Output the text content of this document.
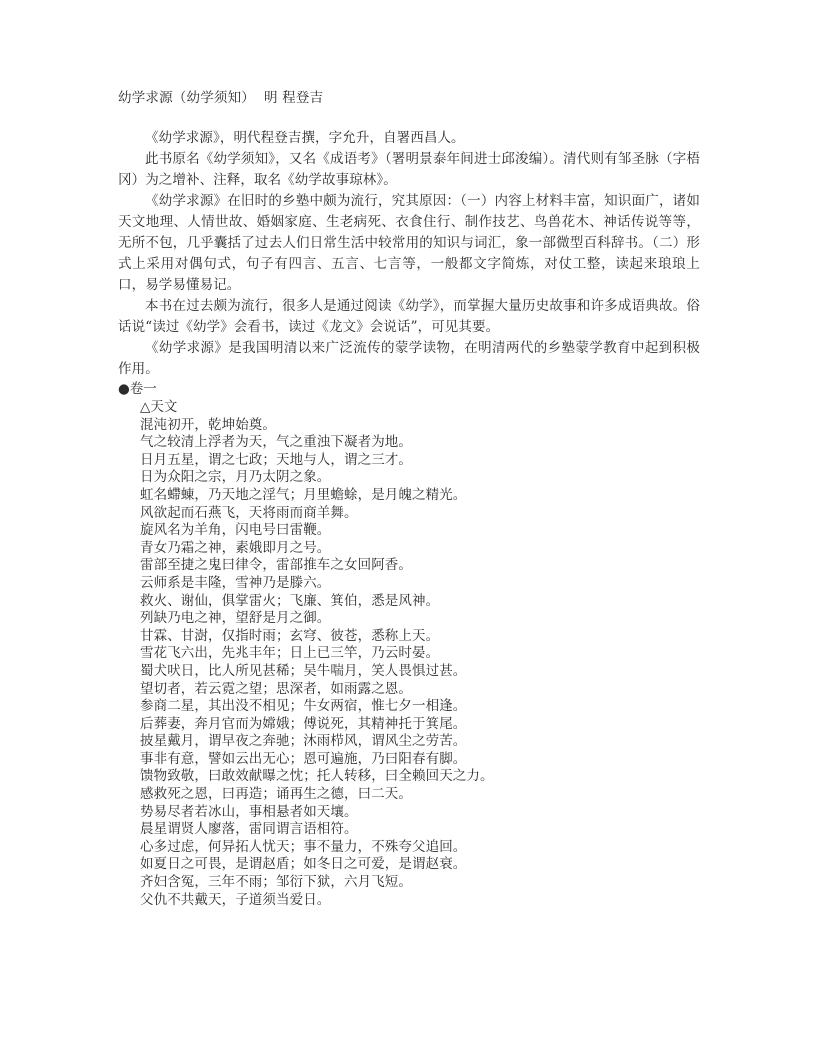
幼学求源（幼学须知）  明 程登吉

《幼学求源》，明代程登吉撰，字允升，自署西昌人。

此书原名《幼学须知》，又名《成语考》（署明景泰年间进士邱浚编）。清代则有邹圣脉（字梧冈）为之增补、注释，取名《幼学故事琼林》。

《幼学求源》在旧时的乡塾中颇为流行，究其原因：（一）内容上材料丰富，知识面广，诸如天文地理、人情世故、婚姻家庭、生老病死、衣食住行、制作技艺、鸟兽花木、神话传说等等，无所不包，几乎囊括了过去人们日常生活中较常用的知识与词汇，象一部微型百科辞书。（二）形式上采用对偶句式，句子有四言、五言、七言等，一般都文字简炼，对仗工整，读起来琅琅上口，易学易懂易记。

本书在过去颇为流行，很多人是通过阅读《幼学》，而掌握大量历史故事和许多成语典故。俗话说“读过《幼学》会看书，读过《龙文》会说话”，可见其要。

《幼学求源》是我国明清以来广泛流传的蒙学读物，在明清两代的乡塾蒙学教育中起到积极作用。

●卷一
△天文
混沌初开，乾坤始奠。
气之较清上浮者为天，气之重浊下凝者为地。
日月五星，谓之七政；天地与人，谓之三才。
日为众阳之宗，月乃太阴之象。
虹名螮蝀，乃天地之淫气；月里蟾蜍，是月魄之精光。
风欲起而石燕飞，天将雨而商羊舞。
旋风名为羊角，闪电号曰雷鞭。
青女乃霜之神，素娥即月之号。
雷部至捷之鬼曰律令，雷部推车之女回阿香。
云师系是丰隆，雪神乃是滕六。
救火、谢仙，俱掌雷火；飞廉、箕伯，悉是风神。
列缺乃电之神，望舒是月之御。
甘霖、甘澍，仅指时雨；玄穹、彼苍，悉称上天。
雪花飞六出，先兆丰年；日上已三竿，乃云时晏。
蜀犬吠日，比人所见甚稀；吴牛喘月，笑人畏惧过甚。
望切者，若云霓之望；思深者，如雨露之恩。
参商二星，其出没不相见；牛女两宿，惟七夕一相逢。
后葬妻，奔月官而为嫦娥；傅说死，其精神托于箕尾。
披星戴月，谓早夜之奔驰；沐雨栉风，谓风尘之劳苦。
事非有意，譬如云出无心；恩可遍施，乃曰阳春有脚。
馈物致敬，曰敢效献曝之忱；托人转移，曰全赖回天之力。
感救死之恩，曰再造；诵再生之德，曰二天。
势易尽者若冰山，事相悬者如天壤。
晨星谓贤人廖落，雷同谓言语相符。
心多过虑，何异拓人忧天；事不量力，不殊夸父追回。
如夏日之可畏，是谓赵盾；如冬日之可爱，是谓赵衰。
齐妇含冤，三年不雨；邹衍下狱，六月飞短。
父仇不共戴天，子道须当爱日。
